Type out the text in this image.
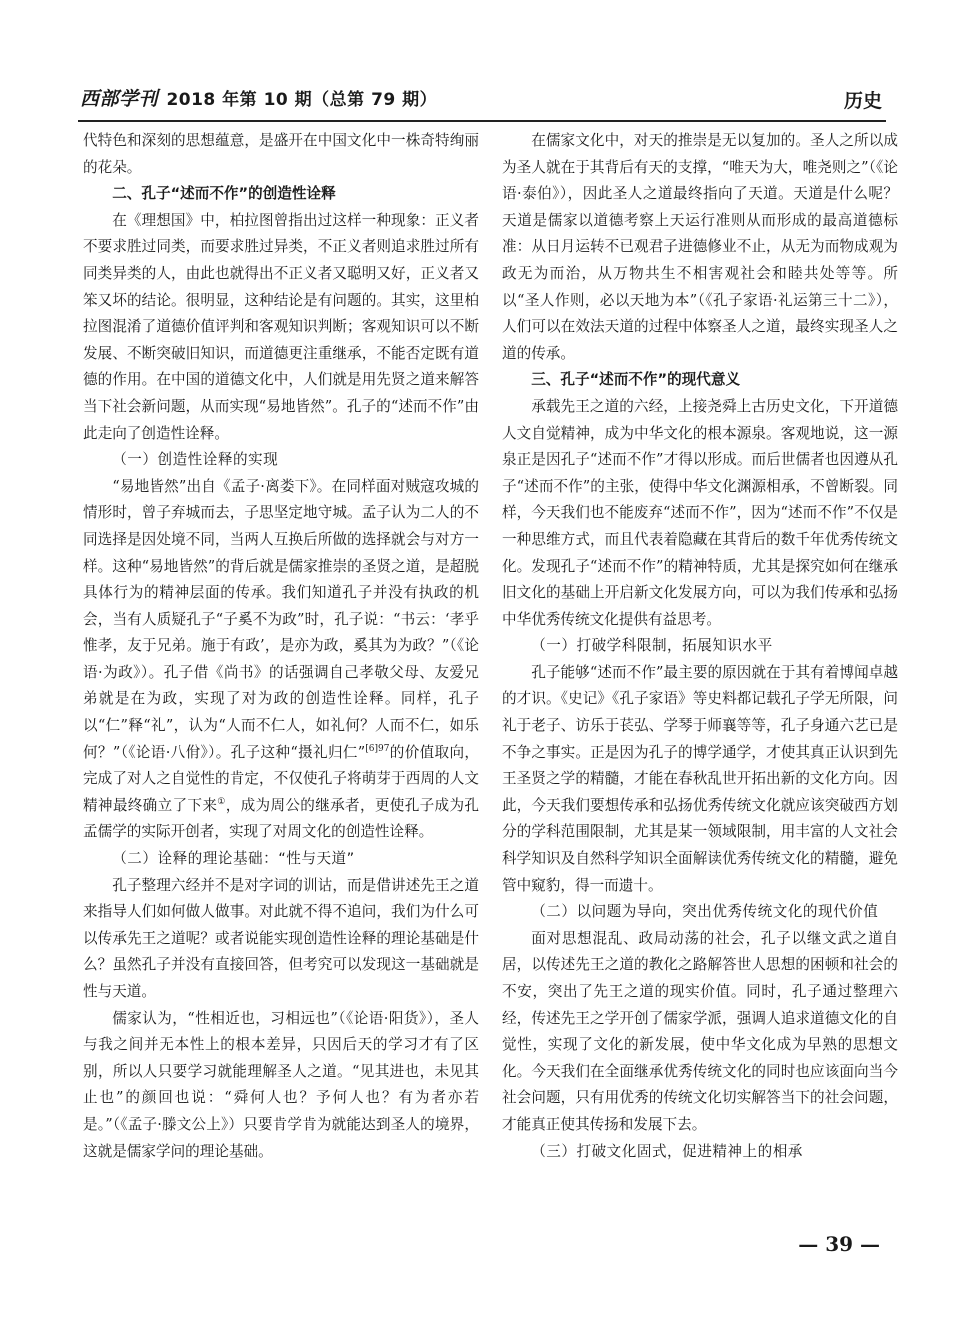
西部学刊 2018 年第 10 期（总第 79 期）	历史

代特色和深刻的思想蕴意，是盛开在中国文化中一株奇特绚丽的花朵。

二、孔子“述而不作”的创造性诠释

在《理想国》中，柏拉图曾指出过这样一种现象：正义者不要求胜过同类，而要求胜过异类，不正义者则追求胜过所有同类异类的人，由此也就得出不正义者又聪明又好，正义者又笨又坏的结论。很明显，这种结论是有问题的。其实，这里柏拉图混淆了道德价值评判和客观知识判断；客观知识可以不断发展、不断突破旧知识，而道德更注重继承，不能否定既有道德的作用。在中国的道德文化中，人们就是用先贤之道来解答当下社会新问题，从而实现“易地皆然”。孔子的“述而不作”由此走向了创造性诠释。

（一）创造性诠释的实现

“易地皆然”出自《孟子·离娄下》。在同样面对贼寇攻城的情形时，曾子弃城而去，子思坚定地守城。孟子认为二人的不同选择是因处境不同，当两人互换后所做的选择就会与对方一样。这种“易地皆然”的背后就是儒家推崇的圣贤之道，是超脱具体行为的精神层面的传承。我们知道孔子并没有执政的机会，当有人质疑孔子“子奚不为政”时，孔子说：“书云：‘孝乎惟孝，友于兄弟。施于有政’，是亦为政，奚其为为政？”（《论语·为政》）。孔子借《尚书》的话强调自己孝敬父母、友爱兄弟就是在为政，实现了对为政的创造性诠释。同样，孔子以“仁”释“礼”，认为“人而不仁人，如礼何？人而不仁，如乐何？”（《论语·八佾》）。孔子这种“摄礼归仁”$^{[6]97}$的价值取向，完成了对人之自觉性的肯定，不仅使孔子将萌芽于西周的人文精神最终确立了下来①，成为周公的继承者，更使孔子成为孔孟儒学的实际开创者，实现了对周文化的创造性诠释。

（二）诠释的理论基础：“性与天道”

孔子整理六经并不是对字词的训诂，而是借讲述先王之道来指导人们如何做人做事。对此就不得不追问，我们为什么可以传承先王之道呢？或者说能实现创造性诠释的理论基础是什么？虽然孔子并没有直接回答，但考究可以发现这一基础就是性与天道。

儒家认为，“性相近也，习相远也”（《论语·阳货》），圣人与我之间并无本性上的根本差异，只因后天的学习才有了区别，所以人只要学习就能理解圣人之道。“见其进也，未见其止也”的颜回也说：“舜何人也？予何人也？有为者亦若是。”（《孟子·滕文公上》）只要肯学肯为就能达到圣人的境界，这就是儒家学问的理论基础。

在儒家文化中，对天的推崇是无以复加的。圣人之所以成为圣人就在于其背后有天的支撑，“唯天为大，唯尧则之”（《论语·泰伯》），因此圣人之道最终指向了天道。天道是什么呢？天道是儒家以道德考察上天运行准则从而形成的最高道德标准：从日月运转不已观君子进德修业不止，从无为而物成观为政无为而治，从万物共生不相害观社会和睦共处等等。所以“圣人作则，必以天地为本”（《孔子家语·礼运第三十二》），人们可以在效法天道的过程中体察圣人之道，最终实现圣人之道的传承。

三、孔子“述而不作”的现代意义

承载先王之道的六经，上接尧舜上古历史文化，下开道德人文自觉精神，成为中华文化的根本源泉。客观地说，这一源泉正是因孔子“述而不作”才得以形成。而后世儒者也因遵从孔子“述而不作”的主张，使得中华文化渊源相承，不曾断裂。同样，今天我们也不能废弃“述而不作”，因为“述而不作”不仅是一种思维方式，而且代表着隐藏在其背后的数千年优秀传统文化。发现孔子“述而不作”的精神特质，尤其是探究如何在继承旧文化的基础上开启新文化发展方向，可以为我们传承和弘扬中华优秀传统文化提供有益思考。

（一）打破学科限制，拓展知识水平

孔子能够“述而不作”最主要的原因就在于其有着博闻卓越的才识。《史记》《孔子家语》等史料都记载孔子学无所限，问礼于老子、访乐于苌弘、学琴于师襄等等，孔子身通六艺已是不争之事实。正是因为孔子的博学通学，才使其真正认识到先王圣贤之学的精髓，才能在春秋乱世开拓出新的文化方向。因此，今天我们要想传承和弘扬优秀传统文化就应该突破西方划分的学科范围限制，尤其是某一领域限制，用丰富的人文社会科学知识及自然科学知识全面解读优秀传统文化的精髓，避免管中窥豹，得一而遗十。

（二）以问题为导向，突出优秀传统文化的现代价值

面对思想混乱、政局动荡的社会，孔子以继文武之道自居，以传述先王之道的教化之路解答世人思想的困顿和社会的不安，突出了先王之道的现实价值。同时，孔子通过整理六经，传述先王之学开创了儒家学派，强调人追求道德文化的自觉性，实现了文化的新发展，使中华文化成为早熟的思想文化。今天我们在全面继承优秀传统文化的同时也应该面向当今社会问题，只有用优秀的传统文化切实解答当下的社会问题，才能真正使其传扬和发展下去。

（三）打破文化固式，促进精神上的相承
— 39 —
